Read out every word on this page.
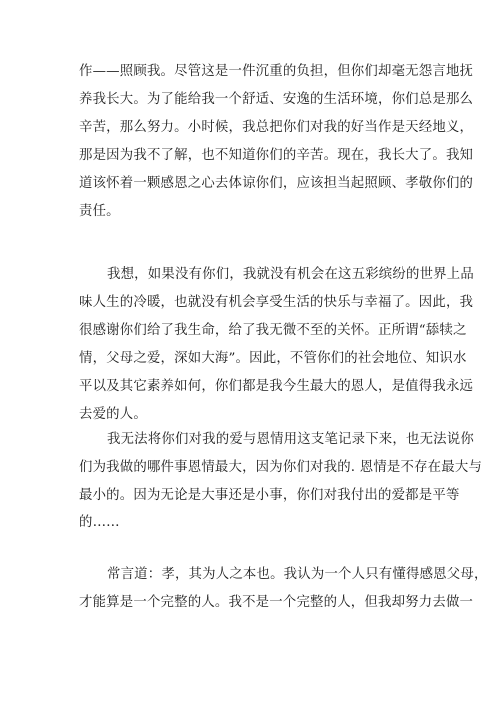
作——照顾我。尽管这是一件沉重的负担，但你们却毫无怨言地抚
养我长大。为了能给我一个舒适、安逸的生活环境，你们总是那么
辛苦，那么努力。小时候，我总把你们对我的好当作是天经地义，
那是因为我不了解，也不知道你们的辛苦。现在，我长大了。我知
道该怀着一颗感恩之心去体谅你们，应该担当起照顾、孝敬你们的
责任。
我想，如果没有你们，我就没有机会在这五彩缤纷的世界上品
味人生的冷暖，也就没有机会享受生活的快乐与幸福了。因此，我
很感谢你们给了我生命，给了我无微不至的关怀。正所谓“舔犊之
情，父母之爱，深如大海”。因此，不管你们的社会地位、知识水
平以及其它素养如何，你们都是我今生最大的恩人，是值得我永远
去爱的人。
我无法将你们对我的爱与恩情用这支笔记录下来，也无法说你
们为我做的哪件事恩情最大，因为你们对我的. 恩情是不存在最大与
最小的。因为无论是大事还是小事，你们对我付出的爱都是平等
的……
常言道：孝，其为人之本也。我认为一个人只有懂得感恩父母，
才能算是一个完整的人。我不是一个完整的人，但我却努力去做一
